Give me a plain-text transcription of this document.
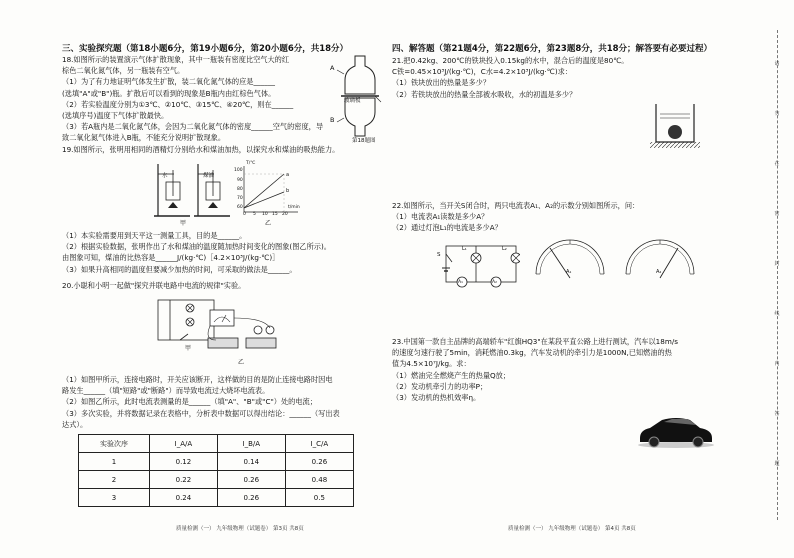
三、实验探究题（第18小题6分，第19小题6分，第20小题6分，共18分）
18.如图所示的装置演示气体扩散现象，其中一瓶装有密度比空气大的红
棕色二氧化氮气体，另一瓶装有空气。
（1）为了有力地证明气体发生扩散，装二氧化氮气体的应是______
(选填"A"或"B")瓶。扩散后可以看到的现象是B瓶内由红棕色气体。
（2）若实验温度分别为①3℃、②10℃、③15℃、④20℃，则在______
(选填序号)温度下气体扩散最快。
（3）若A瓶内是二氧化氮气体，会因为二氧化氮气体的密度______空气的密度，导
致二氧化氮气体进入B瓶，不能充分说明扩散现象。
A
B
玻璃板
第18题图
19.如图所示，张明用相同的酒精灯分别给水和煤油加热，以探究水和煤油的吸热能力。
水	煤油
甲
100
90
80
70
60
0 5 10 15 20
t/min
T/℃
a
b
乙
（1）本实验需要用到天平这一测量工具，目的是______。
（2）根据实验数据，张明作出了水和煤油的温度随加热时间变化的图象(图乙所示)。
由图象可知，煤油的比热容是______J/(kg·℃)［4.2×10³J/(kg·℃)］
（3）如果升高相同的温度但要减少加热的时间，可采取的做法是______。
20.小聪和小明一起做"探究并联电路中电流的规律"实验。
甲
乙
（1）如图甲所示，连接电路时，开关应该断开，这样做的目的是防止连接电路时因电
路发生______（填"短路"或"断路"）而导致电流过大烧坏电流表。
（2）如图乙所示，此时电流表测量的是______（填"A"、"B"或"C"）处的电流；
（3）多次实验，并将数据记录在表格中，分析表中数据可以得出结论：______（写出表
达式）。
实验次序	I_A/A	I_B/A	I_C/A
1	0.12	0.14	0.26
2	0.22	0.26	0.48
3	0.24	0.26	0.5
质量检测（一） 九年级物理（试题卷） 第3页 共8页
四、解答题（第21题4分，第22题6分，第23题8分，共18分；解答要有必要过程）
21.把0.42kg、200℃的铁块投入0.15kg的水中，混合后的温度是80℃。
C铁=0.45×10³J/(kg·℃)，C水=4.2×10³J/(kg·℃)求：
（1）铁块放出的热量是多少？
（2）若铁块放出的热量全部被水吸收，水的初温是多少？
22.如图所示，当开关S闭合时，两只电流表A₁、A₂的示数分别如图所示，问：
（1）电流表A₁读数是多少A？
（2）通过灯泡L₁的电流是多少A？
S
L₁	L₂
A₁	A₂
A₁	A₂
23.中国第一款自主品牌的高端轿车"红旗HQ3"在某段平直公路上进行测试，汽车以18m/s
的速度匀速行驶了5min，消耗燃油0.3kg，汽车发动机的牵引力是1000N,已知燃油的热
值为4.5×10⁷J/kg。求：
（1）燃油完全燃烧产生的热量Q放；
（2）发动机牵引力的功率P；
（3）发动机的热机效率η。
质量检测（一） 九年级物理（试题卷） 第4页 共8页
请
勿
在
密
封
线
内
答
题
